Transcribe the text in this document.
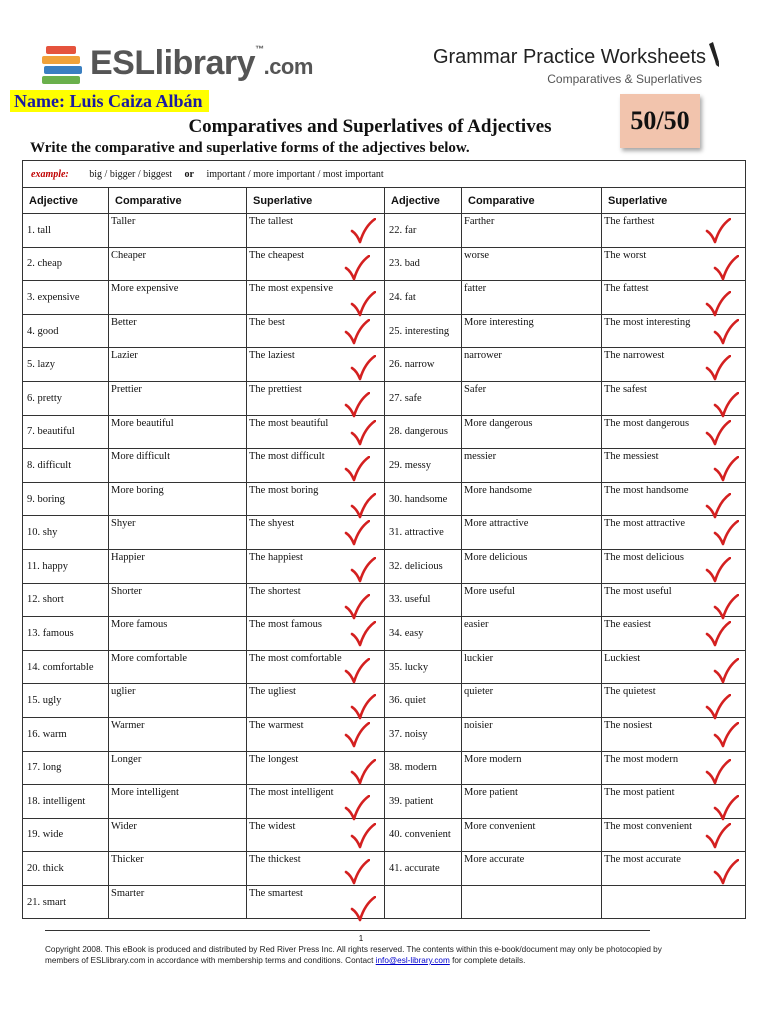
ESLlibrary™.com	Grammar Practice Worksheets
Comparatives & Superlatives
Name: Luis Caiza Albán
50/50
Comparatives and Superlatives of Adjectives
Write the comparative and superlative forms of the adjectives below.
example: big / bigger / biggest or important / more important / most important					
Adjective	Comparative	Superlative	Adjective	Comparative	Superlative
1. tall	Taller	The tallest	22. far	Farther	The farthest

2. cheap	Cheaper	The cheapest	23. bad	worse	The worst

3. expensive	More expensive	The most expensive	24. fat	fatter	The fattest

4. good	Better	The best	25. interesting	More interesting	The most interesting

5. lazy	Lazier	The laziest	26. narrow	narrower	The narrowest

6. pretty	Prettier	The prettiest	27. safe	Safer	The safest

7. beautiful	More beautiful	The most beautiful	28. dangerous	More dangerous	The most dangerous

8. difficult	More difficult	The most difficult	29. messy	messier	The messiest

9. boring	More boring	The most boring	30. handsome	More handsome	The most handsome

10. shy	Shyer	The shyest	31. attractive	More attractive	The most attractive

11. happy	Happier	The happiest	32. delicious	More delicious	The most delicious

12. short	Shorter	The shortest	33. useful	More useful	The most useful

13. famous	More famous	The most famous	34. easy	easier	The easiest

14. comfortable	More comfortable	The most comfortable	35. lucky	luckier	Luckiest

15. ugly	uglier	The ugliest	36. quiet	quieter	The quietest

16. warm	Warmer	The warmest	37. noisy	noisier	The nosiest

17. long	Longer	The longest	38. modern	More modern	The most modern

18. intelligent	More intelligent	The most intelligent	39. patient	More patient	The most patient

19. wide	Wider	The widest	40. convenient	More convenient	The most convenient

20. thick	Thicker	The thickest	41. accurate	More accurate	The most accurate

21. smart	Smarter	The smartest			

1
Copyright 2008. This eBook is produced and distributed by Red River Press Inc. All rights reserved. The contents within this e-book/document may only be photocopied by members of ESLlibrary.com in accordance with membership terms and conditions. Contact info@esl-library.com for complete details.
